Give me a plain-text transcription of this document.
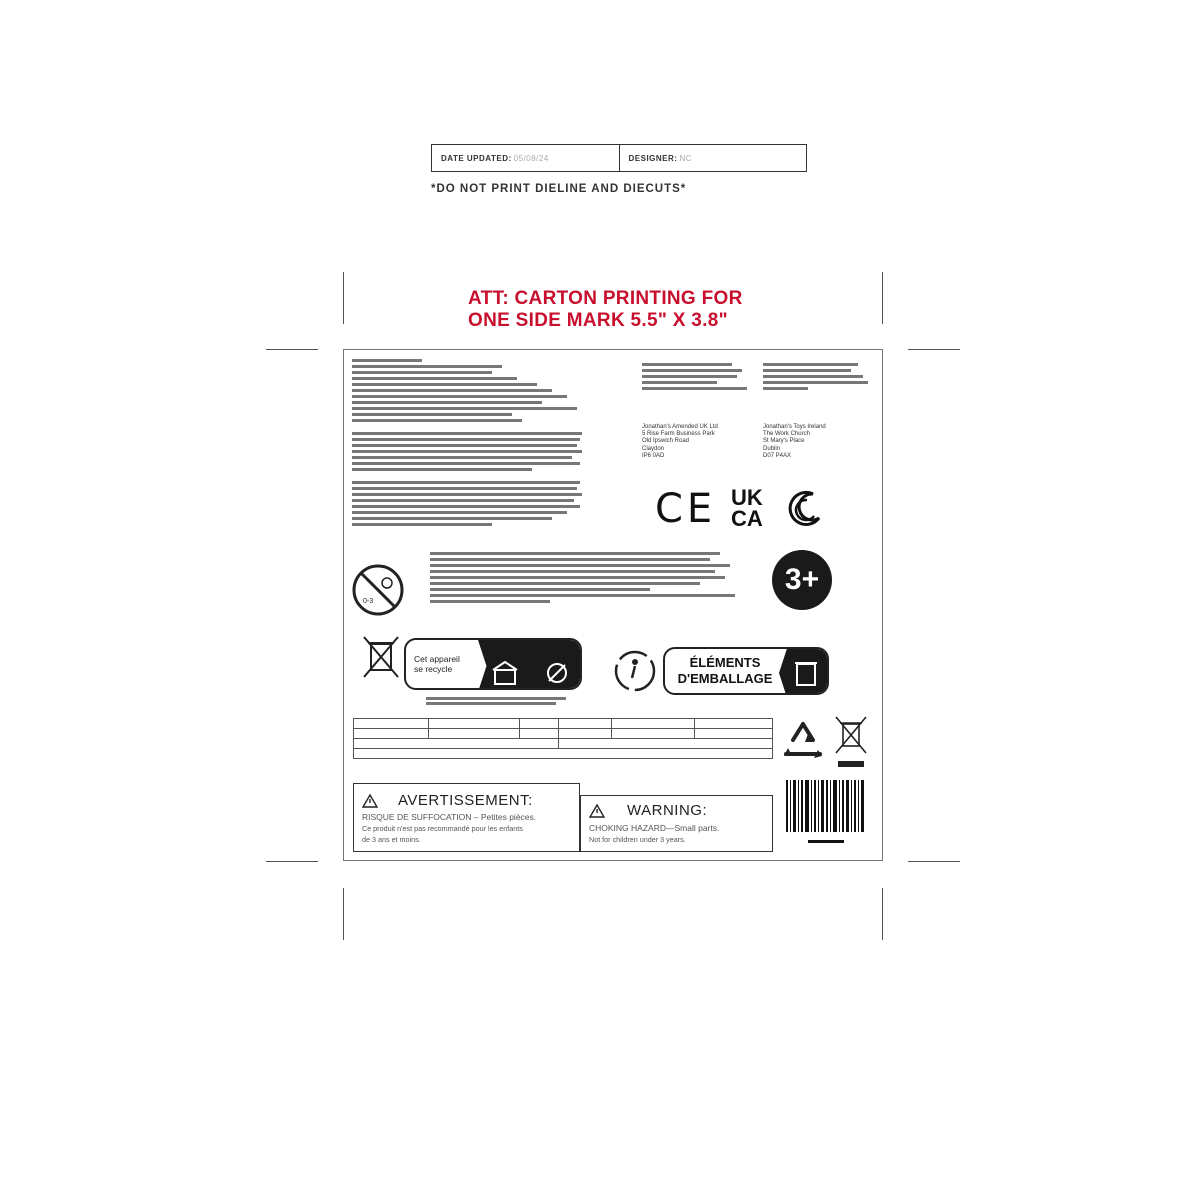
DATE UPDATED: 05/08/24	DESIGNER: NC
*DO NOT PRINT DIELINE AND DIECUTS*
ATT: CARTON PRINTING FOR
ONE SIDE MARK 5.5" X 3.8"
Jonathan's Amended UK Ltd
5 Rise Farm Business Park
Old Ipswich Road
Claydon
IP6 0AD
Jonathan's Toys Ireland
The Work Church
St Mary's Place
Dublin
D07 P4AX
CE UK
CA
0-3
3+
Cet appareil
se recycle	ÉLÉMENTS
D'EMBALLAGE

AVERTISSEMENT:
RISQUE DE SUFFOCATION – Petites pièces.
Ce produit n'est pas recommandé pour les enfants
de 3 ans et moins.
WARNING:
CHOKING HAZARD—Small parts.
Not for children under 3 years.
